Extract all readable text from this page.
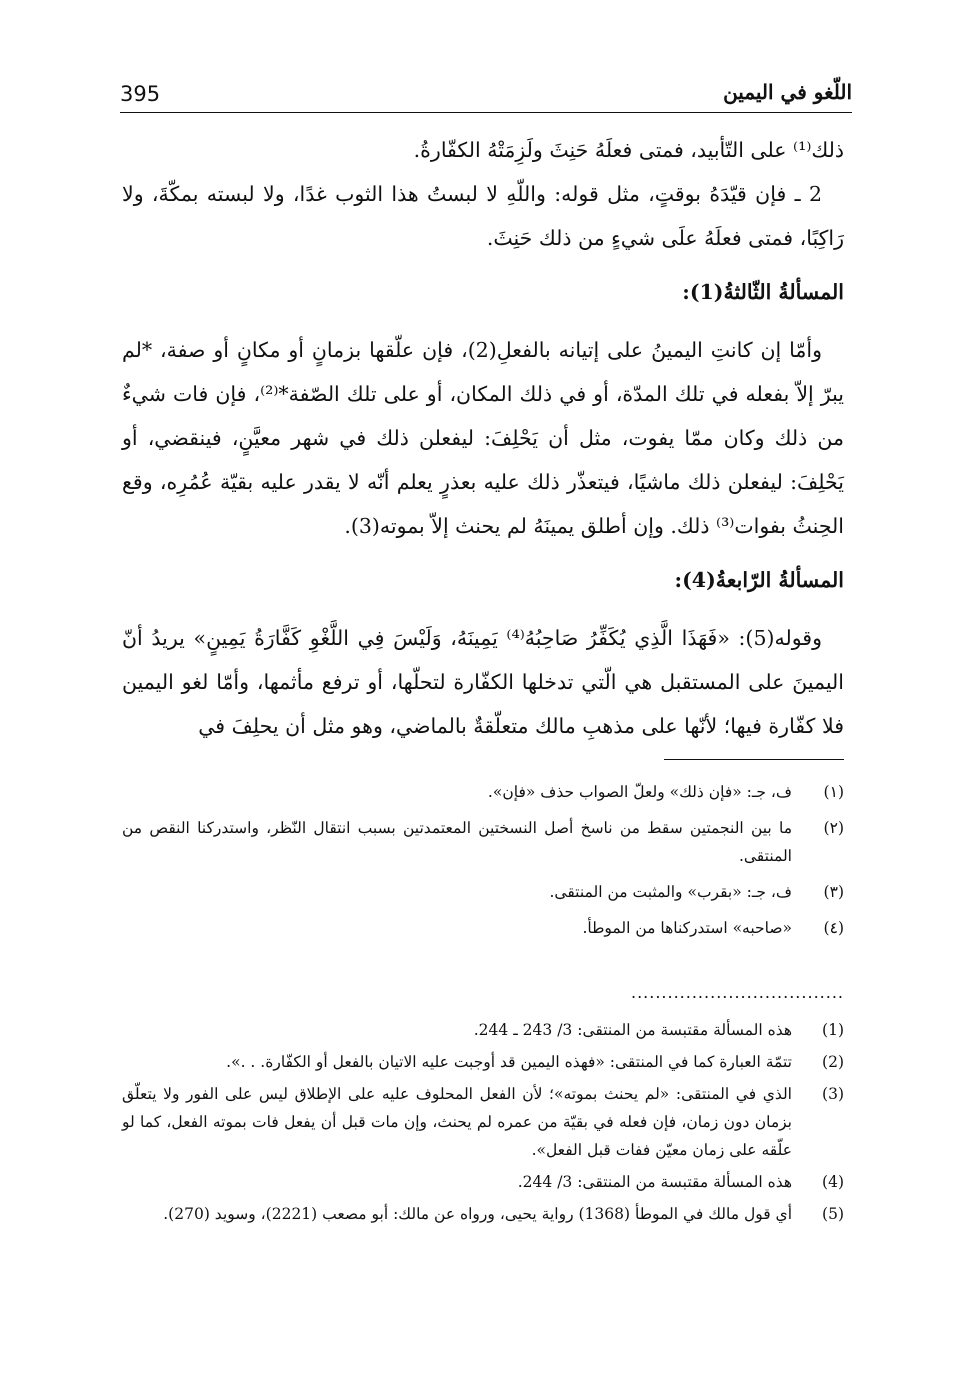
395	اللّغو في اليمين

ذلك⁽¹⁾ على التّأبيد، فمتى فعلَهُ حَنِثَ ولَزِمَتْهُ الكفّارةُ.

2 ـ فإن قيّدَهُ بوقتٍ، مثل قوله: واللّهِ لا لبستُ هذا الثوب غدًا، ولا لبسته بمكّةَ، ولا رَاكِبًا، فمتى فعلَهُ علَى شيءٍ من ذلك حَنِثَ.

المسألةُ الثّالثةُ(1):

وأمّا إن كانتِ اليمينُ على إتيانه بالفعلِ(2)، فإن علّقها بزمانٍ أو مكانٍ أو صفة، *لم يبرّ إلاّ بفعله في تلك المدّة، أو في ذلك المكان، أو على تلك الصّفة*⁽²⁾، فإن فات شيءٌ من ذلك وكان ممّا يفوت، مثل أن يَحْلِفَ: ليفعلن ذلك في شهر معيَّنٍ، فينقضي، أو يَحْلِفَ: ليفعلن ذلك ماشيًا، فيتعذّر ذلك عليه بعذرٍ يعلم أنّه لا يقدر عليه بقيّة عُمُرِه، وقع الحِنثُ بفوات⁽³⁾ ذلك. وإن أطلق يمينَهُ لم يحنث إلاّ بموته(3).

المسألةُ الرّابعةُ(4):

وقوله(5): «فَهَذَا الَّذِي يُكَفِّرُ صَاحِبُهُ⁽⁴⁾ يَمِينَهُ، وَلَيْسَ فِي اللَّغْوِ كَفَّارَةُ يَمِينٍ» يريدُ أنّ اليمينَ على المستقبل هي الّتي تدخلها الكفّارة لتحلّها، أو ترفع مأثمها، وأمّا لغو اليمين فلا كفّارة فيها؛ لأنّها على مذهبِ مالك متعلّقةٌ بالماضي، وهو مثل أن يحلِفَ في

(١)
ف، جـ: «فإن ذلك» ولعلّ الصواب حذف «فإن».
(٢)
ما بين النجمتين سقط من ناسخ أصل النسختين المعتمدتين بسبب انتقال النّظر، واستدركنا النقص من المنتقى.
(٣)
ف، جـ: «بقرب» والمثبت من المنتقى.
(٤)
«صاحبه» استدركناها من الموطأ.
...................................
(1)
هذه المسألة مقتبسة من المنتقى: 3/ 243 ـ 244.
(2)
تتمّة العبارة كما في المنتقى: «فهذه اليمين قد أوجبت عليه الاتيان بالفعل أو الكفّارة. . .».
(3)
الذي في المنتقى: «لم يحنث بموته»؛ لأن الفعل المحلوف عليه على الإطلاق ليس على الفور ولا يتعلّق بزمان دون زمان، فإن فعله في بقيّة من عمره لم يحنث، وإن مات قبل أن يفعل فات بموته الفعل، كما لو علّقه على زمان معيّن ففات قبل الفعل».
(4)
هذه المسألة مقتبسة من المنتقى: 3/ 244.
(5)
أي قول مالك في الموطأ (1368) رواية يحيى، ورواه عن مالك: أبو مصعب (2221)، وسويد (270).
